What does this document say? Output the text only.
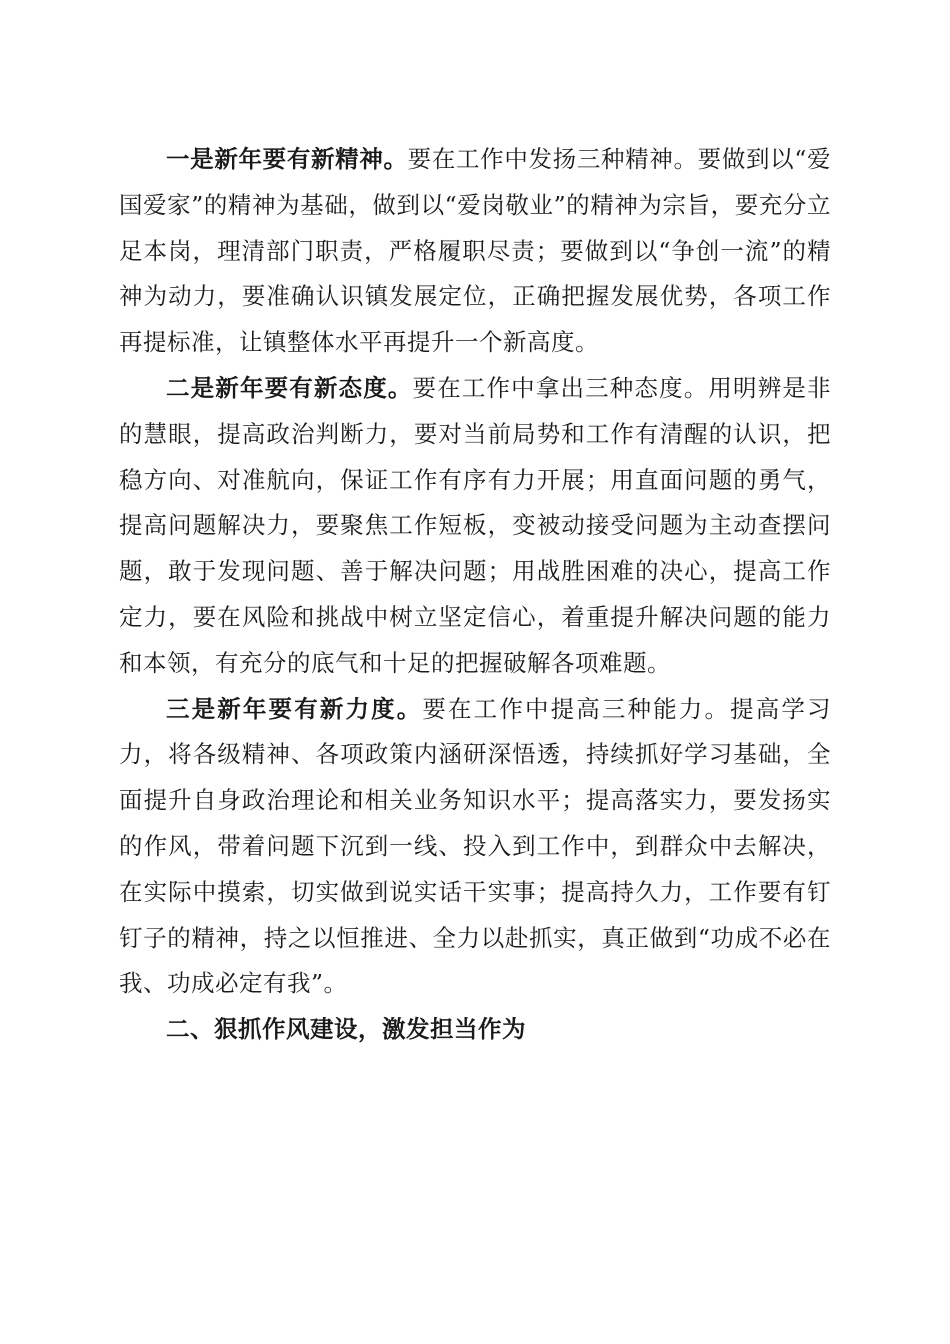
一是新年要有新精神。要在工作中发扬三种精神。要做到以“爱国爱家”的精神为基础，做到以“爱岗敬业”的精神为宗旨，要充分立足本岗，理清部门职责，严格履职尽责；要做到以“争创一流”的精神为动力，要准确认识镇发展定位，正确把握发展优势，各项工作再提标准，让镇整体水平再提升一个新高度。

二是新年要有新态度。要在工作中拿出三种态度。用明辨是非的慧眼，提高政治判断力，要对当前局势和工作有清醒的认识，把稳方向、对准航向，保证工作有序有力开展；用直面问题的勇气，提高问题解决力，要聚焦工作短板，变被动接受问题为主动查摆问题，敢于发现问题、善于解决问题；用战胜困难的决心，提高工作定力，要在风险和挑战中树立坚定信心，着重提升解决问题的能力和本领，有充分的底气和十足的把握破解各项难题。

三是新年要有新力度。要在工作中提高三种能力。提高学习力，将各级精神、各项政策内涵研深悟透，持续抓好学习基础，全面提升自身政治理论和相关业务知识水平；提高落实力，要发扬实的作风，带着问题下沉到一线、投入到工作中，到群众中去解决，在实际中摸索，切实做到说实话干实事；提高持久力，工作要有钉钉子的精神，持之以恒推进、全力以赴抓实，真正做到“功成不必在我、功成必定有我”。

二、狠抓作风建设，激发担当作为
